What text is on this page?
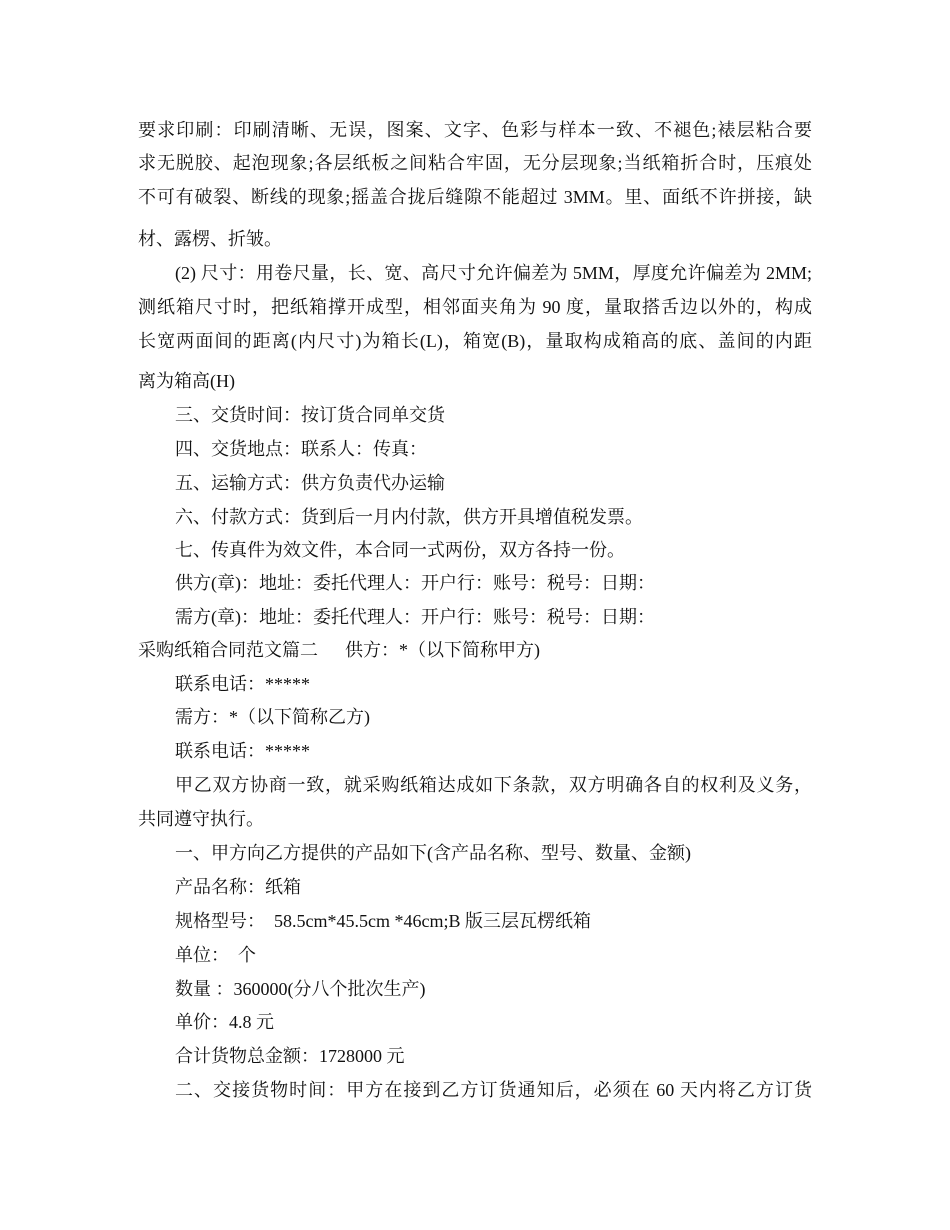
要求印刷：印刷清晰、无误，图案、文字、色彩与样本一致、不褪色;裱层粘合要
求无脱胶、起泡现象;各层纸板之间粘合牢固，无分层现象;当纸箱折合时，压痕处
不可有破裂、断线的现象;摇盖合拢后缝隙不能超过 3MM。里、面纸不许拼接，缺
材、露楞、折皱。
(2) 尺寸：用卷尺量，长、宽、高尺寸允许偏差为 5MM，厚度允许偏差为 2MM;
测纸箱尺寸时，把纸箱撑开成型，相邻面夹角为 90 度，量取搭舌边以外的，构成
长宽两面间的距离(内尺寸)为箱长(L)，箱宽(B)，量取构成箱高的底、盖间的内距
离为箱高(H)
三、交货时间：按订货合同单交货
四、交货地点：联系人：传真：
五、运输方式：供方负责代办运输
六、付款方式：货到后一月内付款，供方开具增值税发票。
七、传真件为效文件，本合同一式两份，双方各持一份。
供方(章)：地址：委托代理人：开户行：账号：税号：日期：
需方(章)：地址：委托代理人：开户行：账号：税号：日期：
采购纸箱合同范文篇二      供方：*（以下简称甲方)
联系电话：*****
需方：*（以下简称乙方)
联系电话：*****
甲乙双方协商一致，就采购纸箱达成如下条款，双方明确各自的权利及义务，
共同遵守执行。
一、甲方向乙方提供的产品如下(含产品名称、型号、数量、金额)
产品名称：纸箱
规格型号：  58.5cm*45.5cm *46cm;B 版三层瓦楞纸箱
单位：  个
数量 ：360000(分八个批次生产)
单价：4.8 元
合计货物总金额：1728000 元
二、交接货物时间：甲方在接到乙方订货通知后，必须在 60 天内将乙方订货
